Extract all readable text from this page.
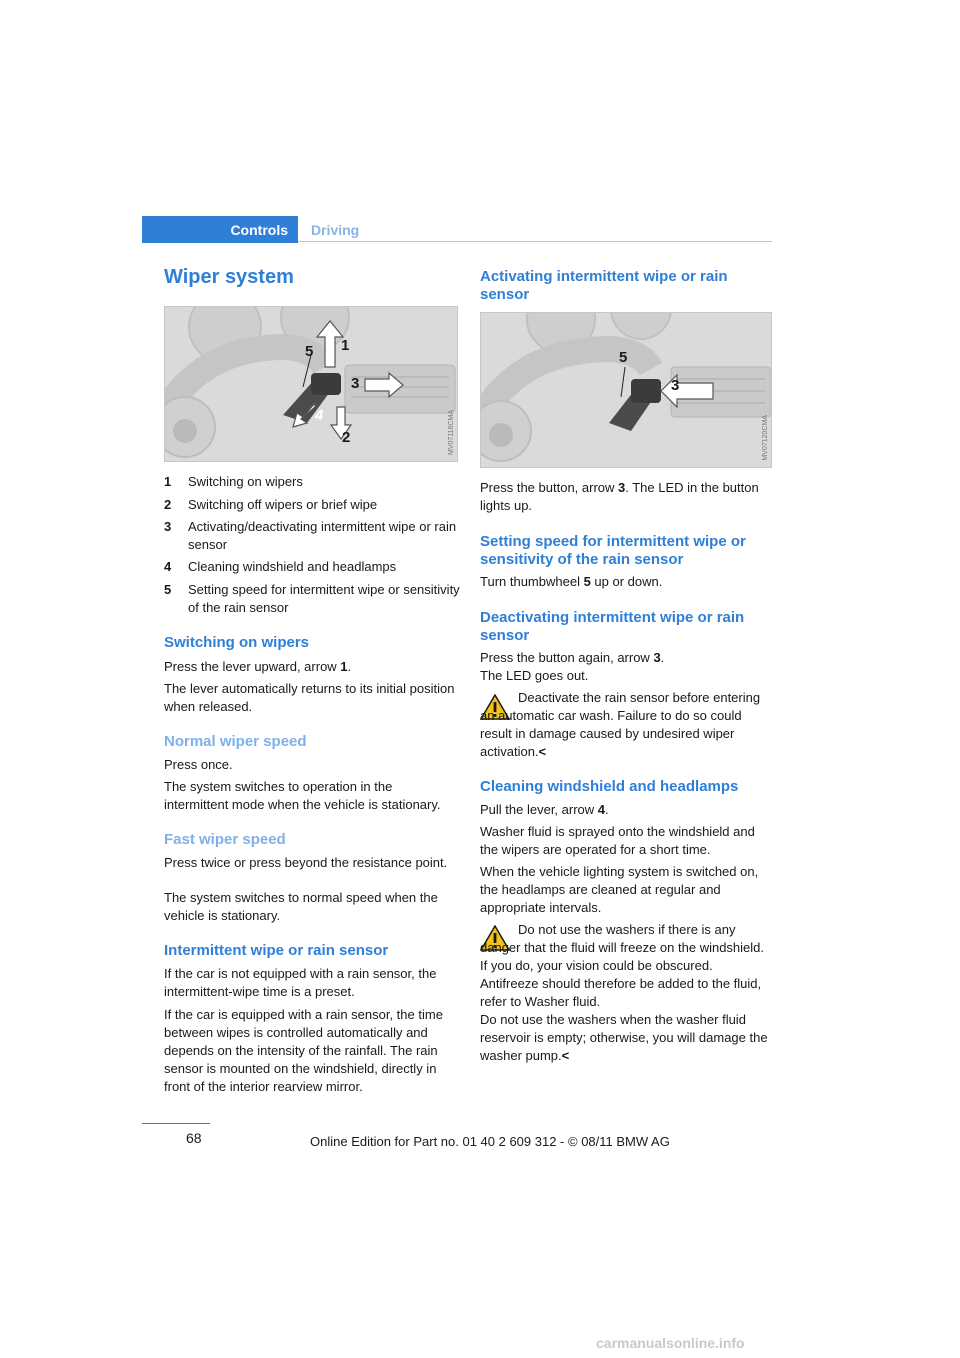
Controls	Driving
Wiper system
1
2
3
4
5
MV07116CMA
1 Switching on wipers
2 Switching off wipers or brief wipe
3 Activating/deactivating intermittent wipe or rain sensor
4 Cleaning windshield and headlamps
5 Setting speed for intermittent wipe or sensitivity of the rain sensor
Switching on wipers
Press the lever upward, arrow 1.
The lever automatically returns to its initial position when released.
Normal wiper speed
Press once.
The system switches to operation in the intermittent mode when the vehicle is stationary.
Fast wiper speed
Press twice or press beyond the resistance point.
The system switches to normal speed when the vehicle is stationary.
Intermittent wipe or rain sensor
If the car is not equipped with a rain sensor, the intermittent-wipe time is a preset.
If the car is equipped with a rain sensor, the time between wipes is controlled automatically and depends on the intensity of the rainfall. The rain sensor is mounted on the windshield, directly in front of the interior rearview mirror.
Activating intermittent wipe or rain sensor
5
3
MV07120CMA
Press the button, arrow 3. The LED in the button lights up.
Setting speed for intermittent wipe or sensitivity of the rain sensor
Turn thumbwheel 5 up or down.
Deactivating intermittent wipe or rain sensor
Press the button again, arrow 3.
The LED goes out.
Deactivate the rain sensor before entering an automatic car wash. Failure to do so could result in damage caused by undesired wiper activation.<
Cleaning windshield and headlamps
Pull the lever, arrow 4.
Washer fluid is sprayed onto the windshield and the wipers are operated for a short time.
When the vehicle lighting system is switched on, the headlamps are cleaned at regular and appropriate intervals.
Do not use the washers if there is any danger that the fluid will freeze on the windshield. If you do, your vision could be obscured. Antifreeze should therefore be added to the fluid, refer to Washer fluid.
Do not use the washers when the washer fluid reservoir is empty; otherwise, you will damage the washer pump.<
68	Online Edition for Part no. 01 40 2 609 312 - © 08/11 BMW AG
carmanualsonline.info
